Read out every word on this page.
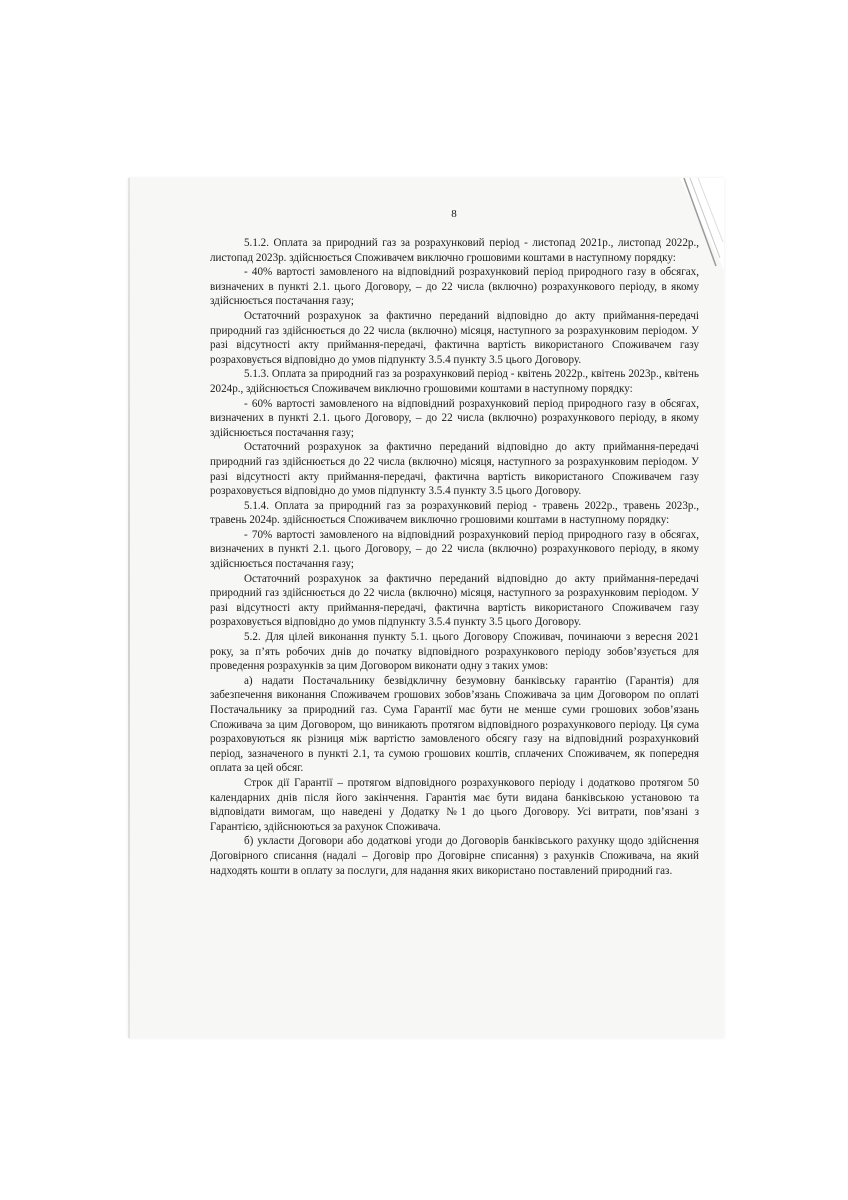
8

5.1.2. Оплата за природний газ за розрахунковий період - листопад 2021р., листопад 2022р., листопад 2023р. здійснюється Споживачем виключно грошовими коштами в наступному порядку:

- 40% вартості замовленого на відповідний розрахунковий період природного газу в обсягах, визначених в пункті 2.1. цього Договору, – до 22 числа (включно) розрахункового періоду, в якому здійснюється постачання газу;

Остаточний розрахунок за фактично переданий відповідно до акту приймання-передачі природний газ здійснюється до 22 числа (включно) місяця, наступного за розрахунковим періодом. У разі відсутності акту приймання-передачі, фактична вартість використаного Споживачем газу розраховується відповідно до умов підпункту 3.5.4 пункту 3.5 цього Договору.

5.1.3. Оплата за природний газ за розрахунковий період - квітень 2022р., квітень 2023р., квітень 2024р., здійснюється Споживачем виключно грошовими коштами в наступному порядку:

- 60% вартості замовленого на відповідний розрахунковий період природного газу в обсягах, визначених в пункті 2.1. цього Договору, – до 22 числа (включно) розрахункового періоду, в якому здійснюється постачання газу;

Остаточний розрахунок за фактично переданий відповідно до акту приймання-передачі природний газ здійснюється до 22 числа (включно) місяця, наступного за розрахунковим періодом. У разі відсутності акту приймання-передачі, фактична вартість використаного Споживачем газу розраховується відповідно до умов підпункту 3.5.4 пункту 3.5 цього Договору.

5.1.4. Оплата за природний газ за розрахунковий період - травень 2022р., травень 2023р., травень 2024р. здійснюється Споживачем виключно грошовими коштами в наступному порядку:

- 70% вартості замовленого на відповідний розрахунковий період природного газу в обсягах, визначених в пункті 2.1. цього Договору, – до 22 числа (включно) розрахункового періоду, в якому здійснюється постачання газу;

Остаточний розрахунок за фактично переданий відповідно до акту приймання-передачі природний газ здійснюється до 22 числа (включно) місяця, наступного за розрахунковим періодом. У разі відсутності акту приймання-передачі, фактична вартість використаного Споживачем газу розраховується відповідно до умов підпункту 3.5.4 пункту 3.5 цього Договору.

5.2. Для цілей виконання пункту 5.1. цього Договору Споживач, починаючи з вересня 2021 року, за п’ять робочих днів до початку відповідного розрахункового періоду зобов’язується для проведення розрахунків за цим Договором виконати одну з таких умов:

а) надати Постачальнику безвідкличну безумовну банківську гарантію (Гарантія) для забезпечення виконання Споживачем грошових зобов’язань Споживача за цим Договором по оплаті Постачальнику за природний газ. Сума Гарантії має бути не менше суми грошових зобов’язань Споживача за цим Договором, що виникають протягом відповідного розрахункового періоду. Ця сума розраховуються як різниця між вартістю замовленого обсягу газу на відповідний розрахунковий період, зазначеного в пункті 2.1, та сумою грошових коштів, сплачених Споживачем, як попередня оплата за цей обсяг.

Строк дії Гарантії – протягом відповідного розрахункового періоду і додатково протягом 50 календарних днів після його закінчення. Гарантія має бути видана банківською установою та відповідати вимогам, що наведені у Додатку №1 до цього Договору. Усі витрати, пов’язані з Гарантією, здійснюються за рахунок Споживача.

б) укласти Договори або додаткові угоди до Договорів банківського рахунку щодо здійснення Договірного списання (надалі – Договір про Договірне списання) з рахунків Споживача, на який надходять кошти в оплату за послуги, для надання яких використано поставлений природний газ.
